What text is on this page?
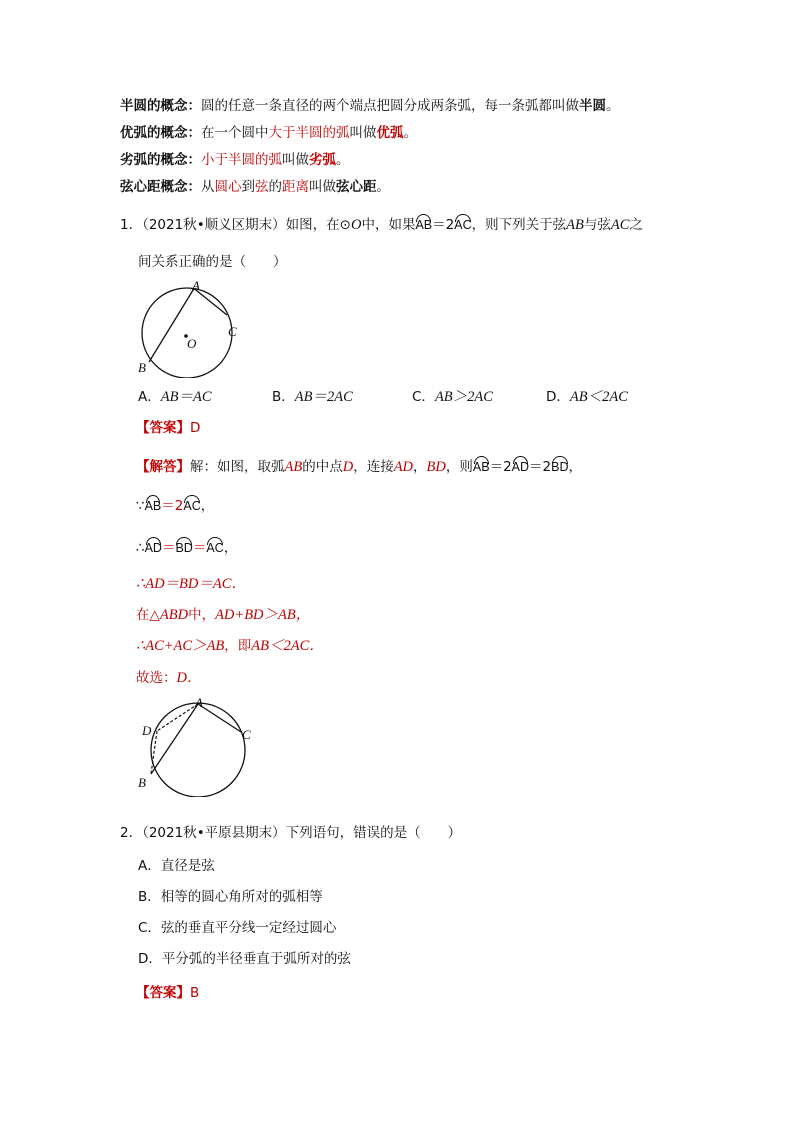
半圆的概念：圆的任意一条直径的两个端点把圆分成两条弧，每一条弧都叫做半圆。
优弧的概念：在一个圆中大于半圆的弧叫做优弧。
劣弧的概念：小于半圆的弧叫做劣弧。
弦心距概念：从圆心到弦的距离叫做弦心距。
1．（2021秋•顺义区期末）如图，在⊙O中，如果AB＝2AC，则下列关于弦AB与弦AC之
间关系正确的是（　　）
A
B
C
O
A．AB＝AC	B．AB＝2AC	C．AB＞2AC	D．AB＜2AC
【答案】D
【解答】解：如图，取弧AB的中点D，连接AD，BD，则AB＝2AD＝2BD，
∵AB＝2AC，
∴AD＝BD＝AC，
∴AD＝BD＝AC．
在△ABD中，AD+BD＞AB，
∴AC+AC＞AB，即AB＜2AC．
故选：D．
A
D
B
C
2．（2021秋•平原县期末）下列语句，错误的是（　　）
A．直径是弦
B．相等的圆心角所对的弧相等
C．弦的垂直平分线一定经过圆心
D．平分弧的半径垂直于弧所对的弦
【答案】B
